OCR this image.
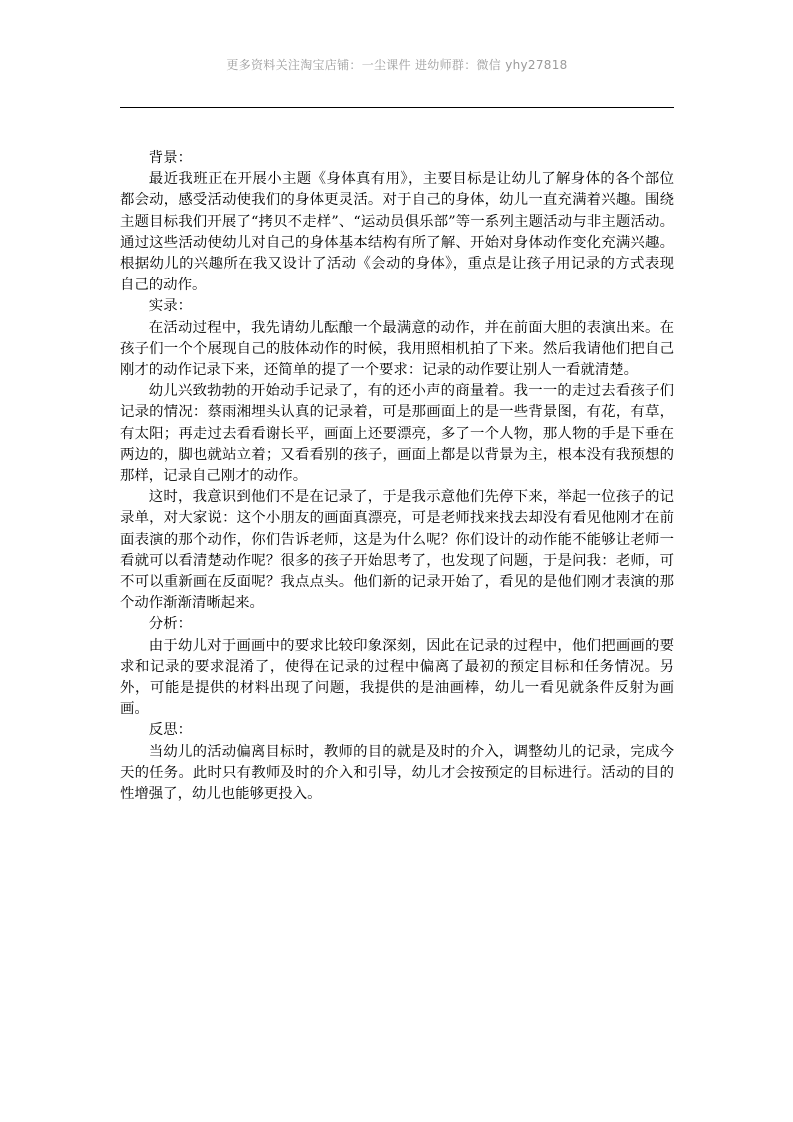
更多资料关注淘宝店铺：一尘课件 进幼师群：微信 yhy27818

背景：

最近我班正在开展小主题《身体真有用》，主要目标是让幼儿了解身体的各个部位都会动，感受活动使我们的身体更灵活。对于自己的身体，幼儿一直充满着兴趣。围绕主题目标我们开展了“拷贝不走样”、“运动员俱乐部”等一系列主题活动与非主题活动。通过这些活动使幼儿对自己的身体基本结构有所了解、开始对身体动作变化充满兴趣。根据幼儿的兴趣所在我又设计了活动《会动的身体》，重点是让孩子用记录的方式表现自己的动作。

实录：

在活动过程中，我先请幼儿酝酿一个最满意的动作，并在前面大胆的表演出来。在孩子们一个个展现自己的肢体动作的时候，我用照相机拍了下来。然后我请他们把自己刚才的动作记录下来，还简单的提了一个要求：记录的动作要让别人一看就清楚。

幼儿兴致勃勃的开始动手记录了，有的还小声的商量着。我一一的走过去看孩子们记录的情况：蔡雨湘埋头认真的记录着，可是那画面上的是一些背景图，有花，有草，有太阳；再走过去看看谢长平，画面上还要漂亮，多了一个人物，那人物的手是下垂在两边的，脚也就站立着；又看看别的孩子，画面上都是以背景为主，根本没有我预想的那样，记录自己刚才的动作。

这时，我意识到他们不是在记录了，于是我示意他们先停下来，举起一位孩子的记录单，对大家说：这个小朋友的画面真漂亮，可是老师找来找去却没有看见他刚才在前面表演的那个动作，你们告诉老师，这是为什么呢？你们设计的动作能不能够让老师一看就可以看清楚动作呢？很多的孩子开始思考了，也发现了问题，于是问我：老师，可不可以重新画在反面呢？我点点头。他们新的记录开始了，看见的是他们刚才表演的那个动作渐渐清晰起来。

分析：

由于幼儿对于画画中的要求比较印象深刻，因此在记录的过程中，他们把画画的要求和记录的要求混淆了，使得在记录的过程中偏离了最初的预定目标和任务情况。另外，可能是提供的材料出现了问题，我提供的是油画棒，幼儿一看见就条件反射为画画。

反思：

当幼儿的活动偏离目标时，教师的目的就是及时的介入，调整幼儿的记录，完成今天的任务。此时只有教师及时的介入和引导，幼儿才会按预定的目标进行。活动的目的性增强了，幼儿也能够更投入。
